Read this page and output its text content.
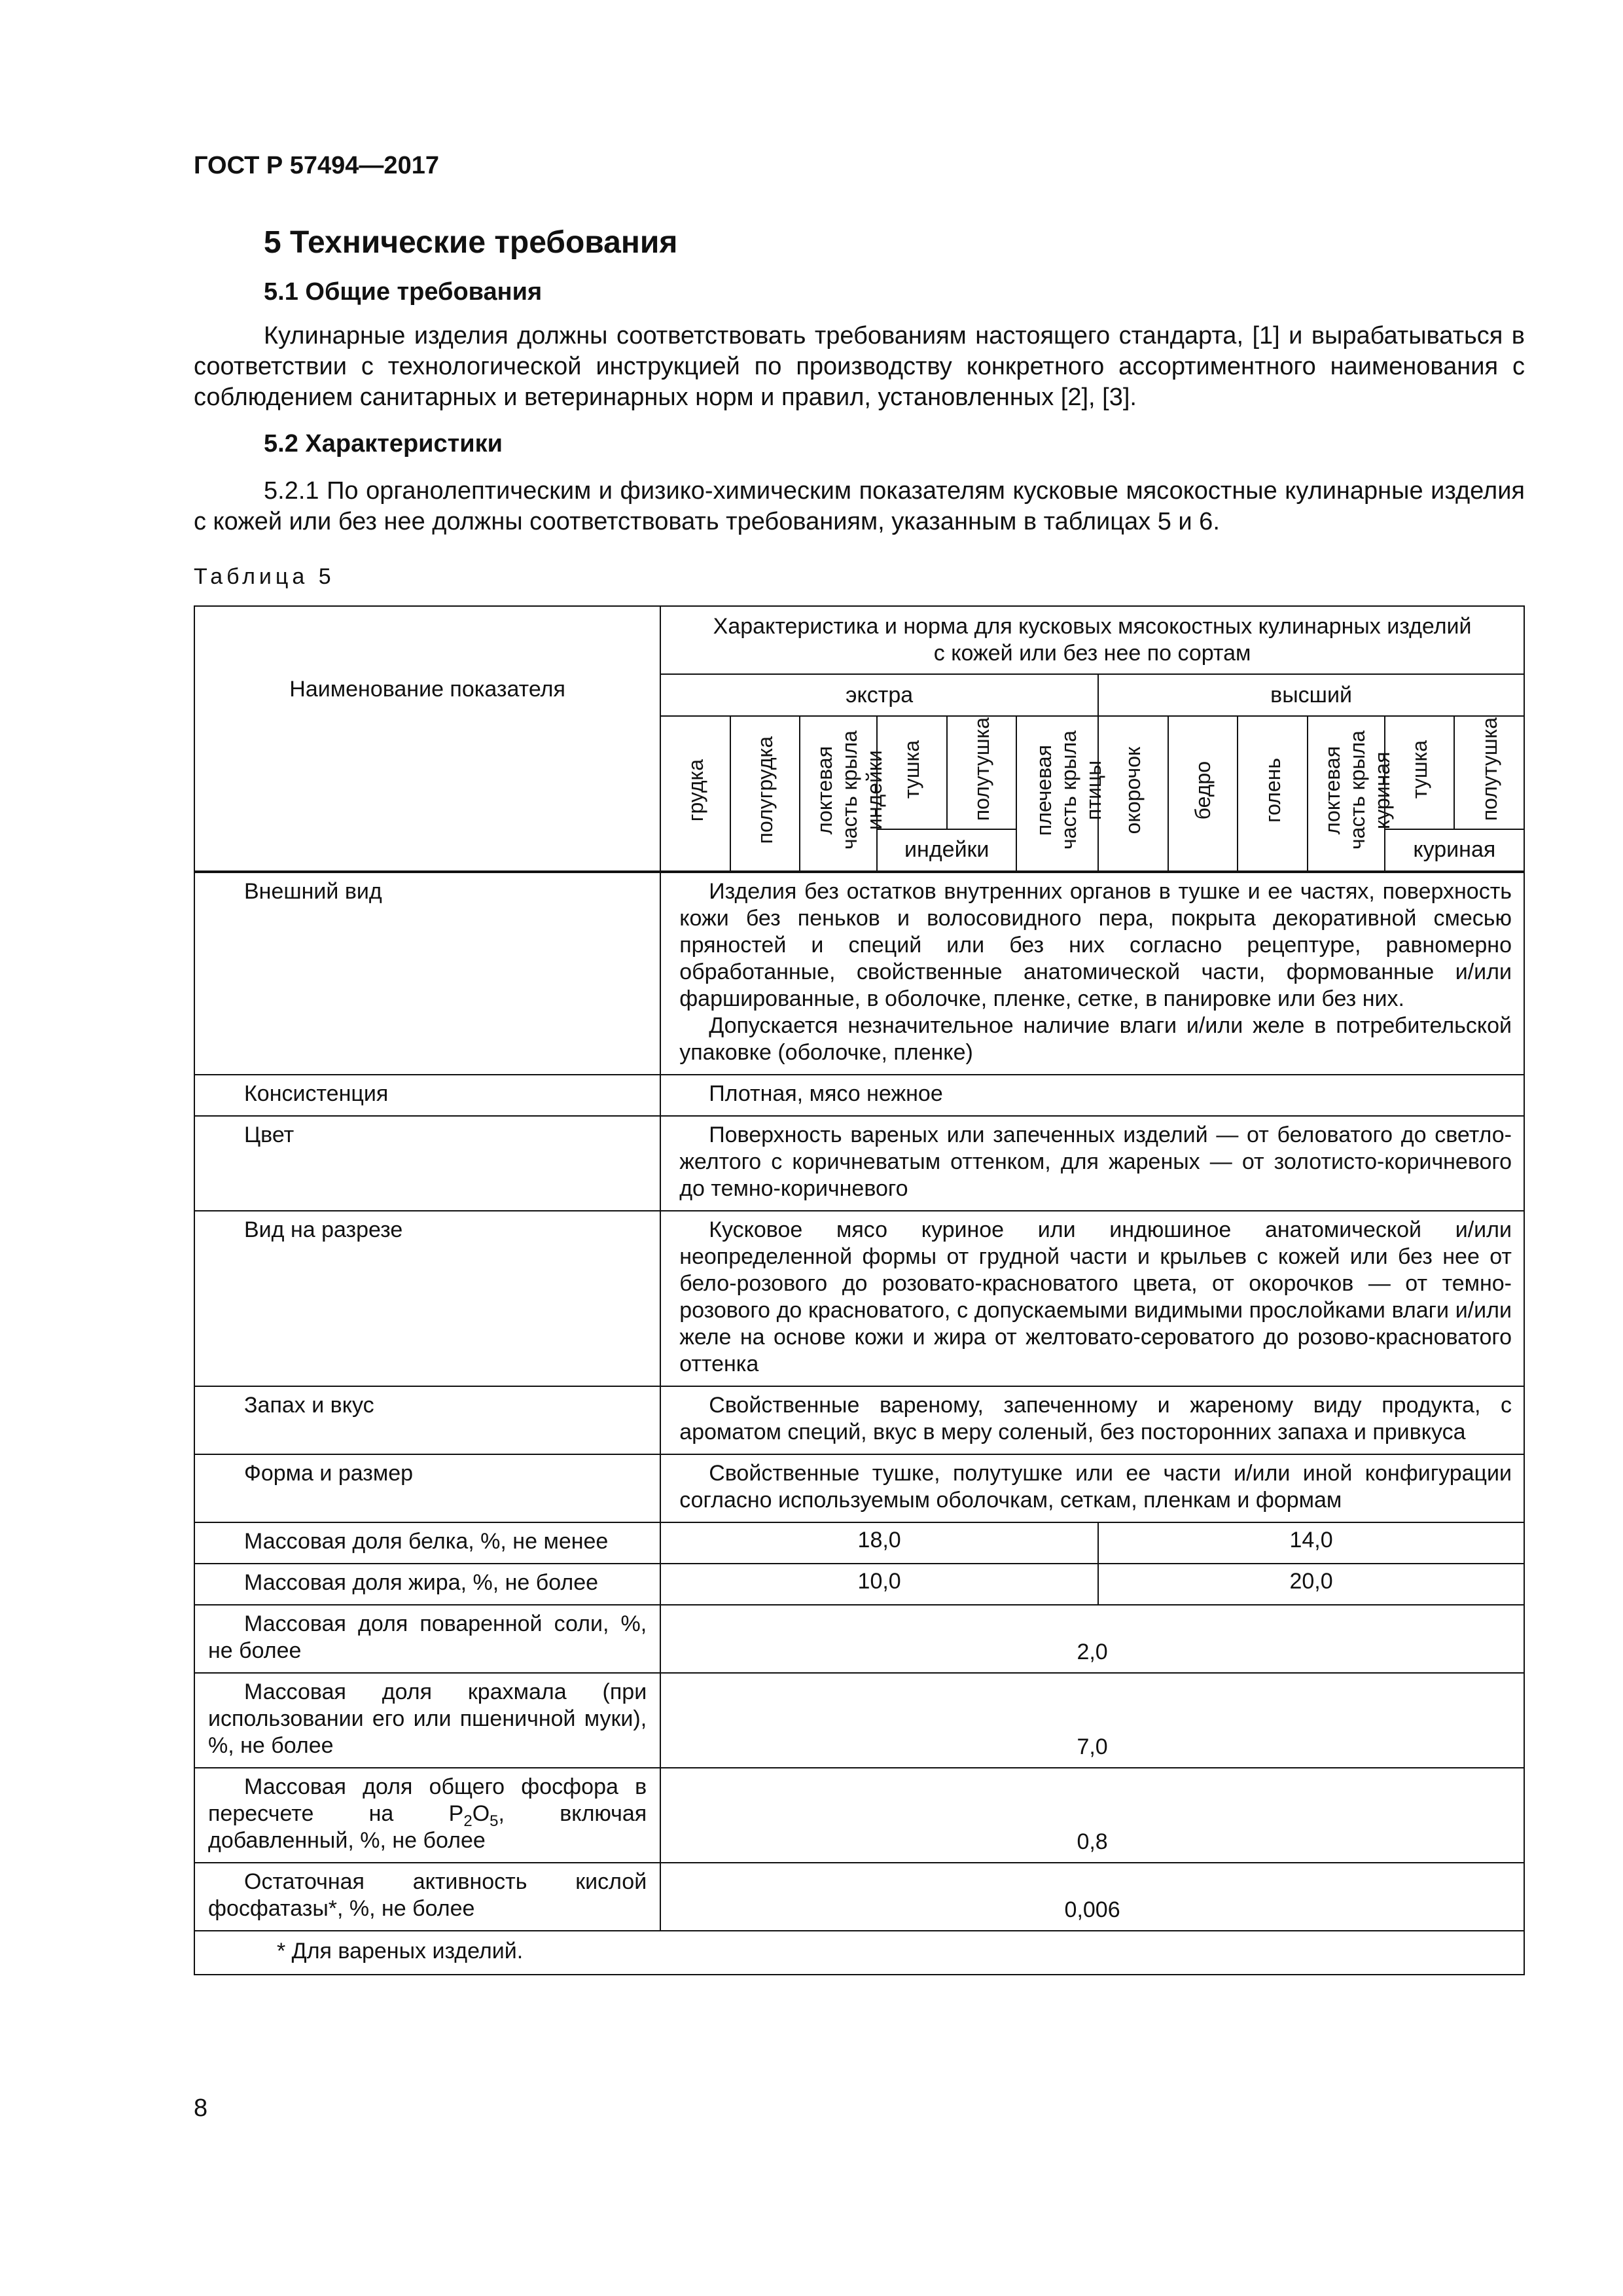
ГОСТ Р 57494—2017
5 Технические требования
5.1 Общие требования

Кулинарные изделия должны соответствовать требованиям настоящего стандарта, [1] и вырабатываться в соответствии с технологической инструкцией по производству конкретного ассортиментного наименования с соблюдением санитарных и ветеринарных норм и правил, установленных [2], [3].

5.2 Характеристики

5.2.1 По органолептическим и физико-химическим показателям кусковые мясокостные кулинарные изделия с кожей или без нее должны соответствовать требованиям, указанным в таблицах 5 и 6.

Таблица 5
Наименование показателя	Характеристика и норма для кусковых мясокостных кулинарных изделий
с кожей или без нее по сортам											

	экстра						высший					
	грудка	полугрудка	локтевая часть крыла индейки	тушка	полутушка	плечевая часть крыла птицы	окорочок	бедро	голень	локтевая часть крыла куриная	тушка	полутушка
				индейки							куриная	
Внешний вид	Изделия без остатков внутренних органов в тушке и ее частях, поверхность кожи без пеньков и волосовидного пера, покрыта декоративной смесью пряностей и специй или без них согласно рецептуре, равномерно обработанные, свойственные анатомической части, формованные и/или фаршированные, в оболочке, пленке, сетке, в панировке или без них.

Допускается незначительное наличие влаги и/или желе в потребительской упаковке (оболочке, пленке)											

Консистенция	Плотная, мясо нежное											

Цвет	Поверхность вареных или запеченных изделий — от беловатого до светло-желтого с коричневатым оттенком, для жареных — от золотисто-коричневого до темно-коричневого											

Вид на разрезе	Кусковое мясо куриное или индюшиное анатомической и/или неопределенной формы от грудной части и крыльев с кожей или без нее от бело-розового до розовато-красноватого цвета, от окорочков — от темно-розового до красноватого, с допускаемыми видимыми прослойками влаги и/или желе на основе кожи и жира от желтовато-сероватого до розово-красноватого оттенка											

Запах и вкус	Свойственные вареному, запеченному и жареному виду продукта, с ароматом специй, вкус в меру соленый, без посторонних запаха и привкуса											

Форма и размер	Свойственные тушке, полутушке или ее части и/или иной конфигурации согласно используемым оболочкам, сеткам, пленкам и формам											

Массовая доля белка, %, не менее	18,0						14,0					
Массовая доля жира, %, не более	10,0						20,0					
Массовая доля поваренной соли, %, не более	2,0											
Массовая доля крахмала (при использовании его или пшеничной муки), %, не более	7,0											
Массовая доля общего фосфора в пересчете на $P_2O_5$, включая добавленный, %, не более	0,8											
Остаточная активность кислой фосфатазы*, %, не более	0,006											
* Для вареных изделий.												
8
